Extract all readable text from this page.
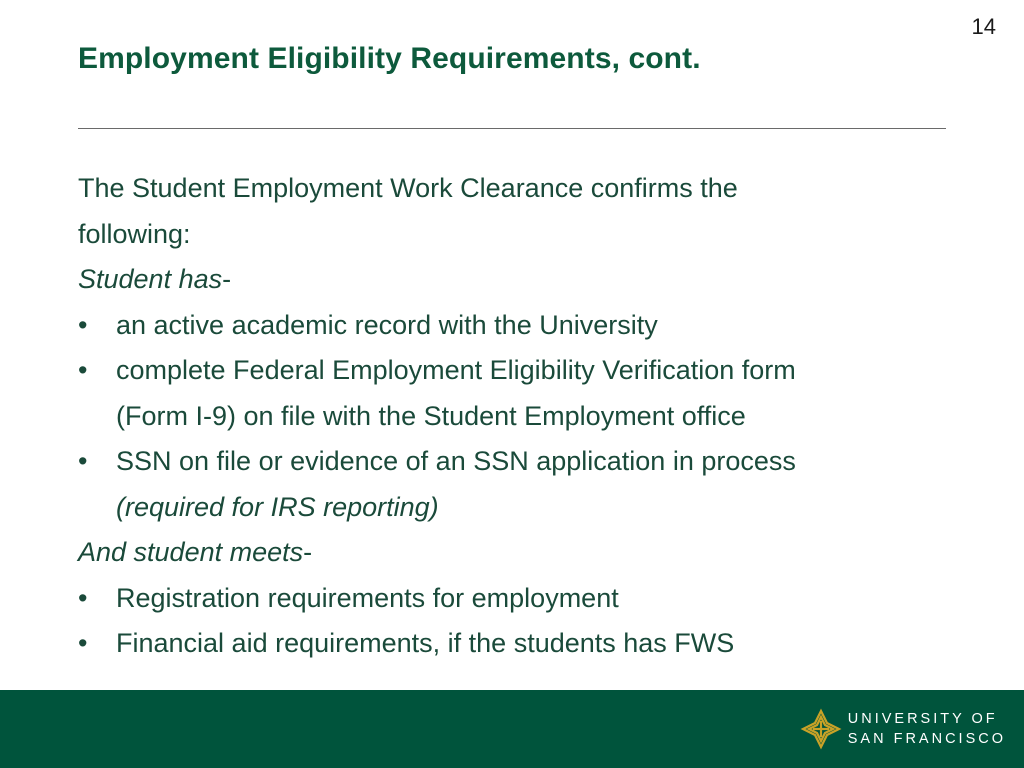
14
Employment Eligibility Requirements, cont.
The Student Employment Work Clearance confirms the
following:
Student has-
•	an active academic record with the University
•	complete Federal Employment Eligibility Verification form
(Form I-9) on file with the Student Employment office
•	SSN on file or evidence of an SSN application in process
(required for IRS reporting)
And student meets-
•	Registration requirements for employment
•	Financial aid requirements, if the students has FWS
UNIVERSITY OF
SAN FRANCISCO
